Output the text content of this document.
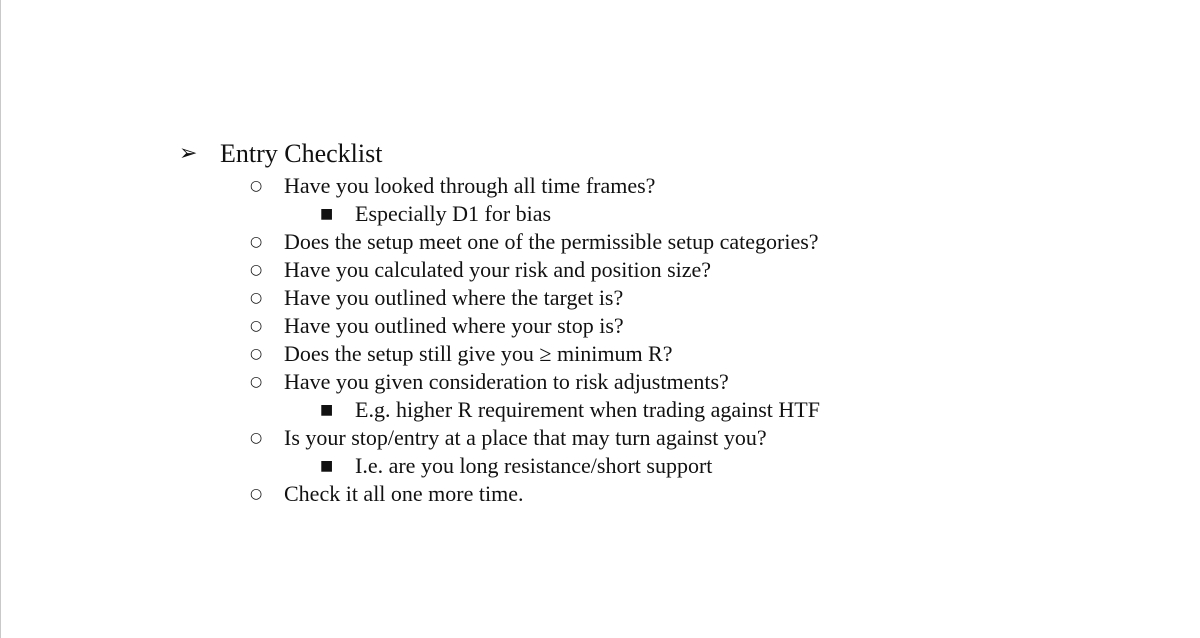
➢ Entry Checklist
○ Have you looked through all time frames?
■ Especially D1 for bias
○ Does the setup meet one of the permissible setup categories?
○ Have you calculated your risk and position size?
○ Have you outlined where the target is?
○ Have you outlined where your stop is?
○ Does the setup still give you ≥ minimum R?
○ Have you given consideration to risk adjustments?
■ E.g. higher R requirement when trading against HTF
○ Is your stop/entry at a place that may turn against you?
■ I.e. are you long resistance/short support
○ Check it all one more time.
